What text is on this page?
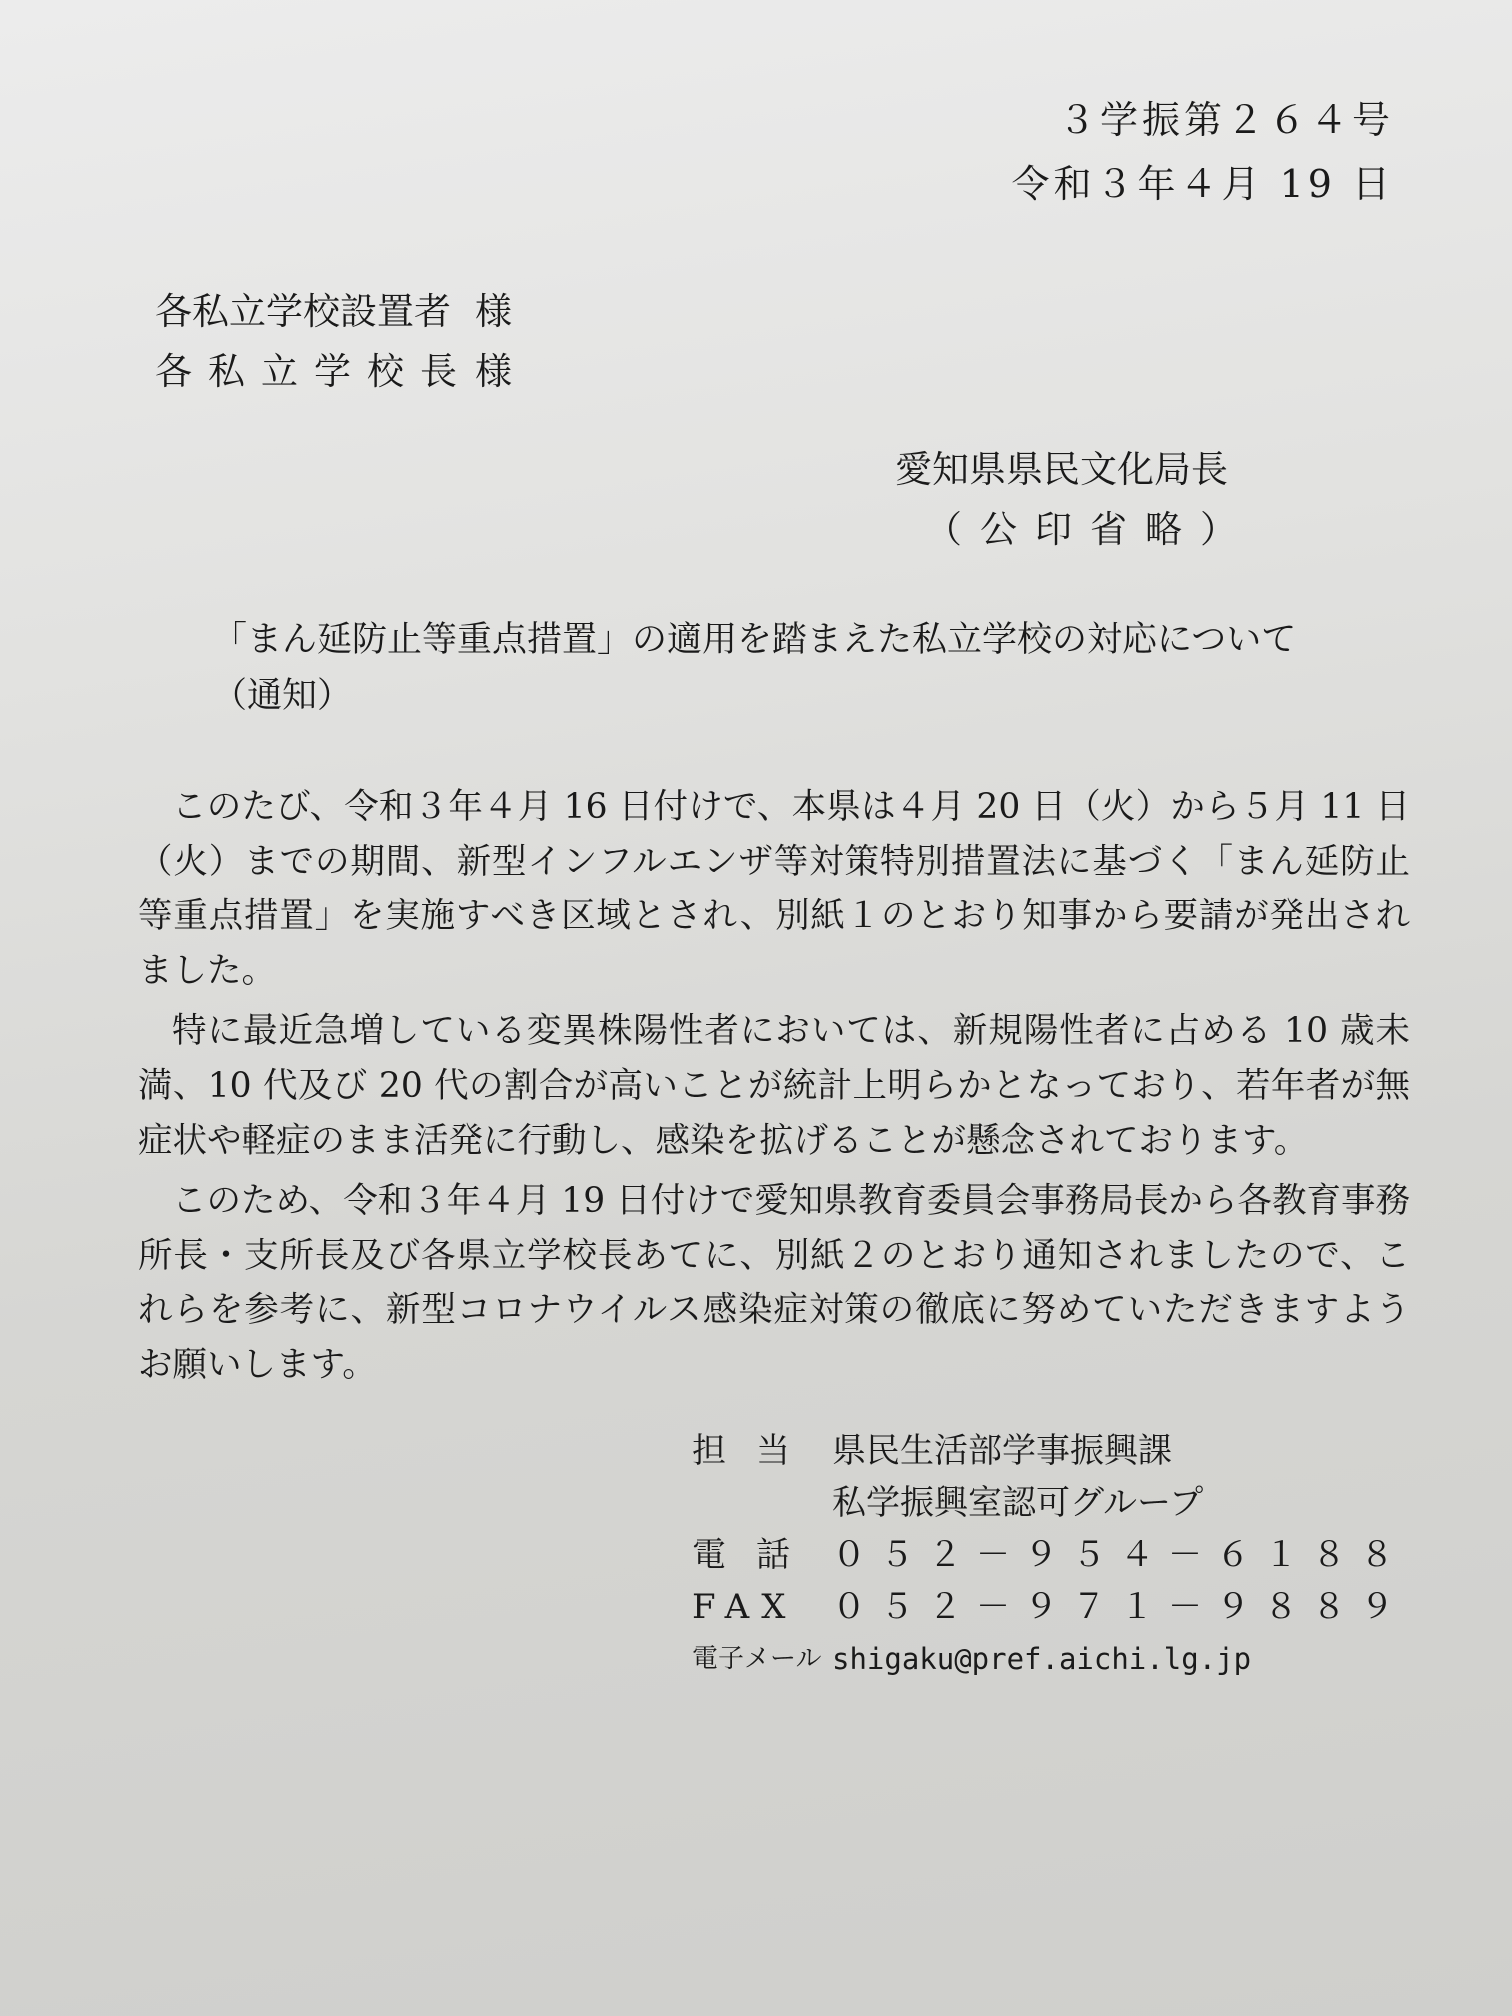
３学振第２６４号
令和３年４月 19 日
各私立学校設置者 様
各私立学校長 様
愛知県県民文化局長
（公印省略）
「まん延防止等重点措置」の適用を踏まえた私立学校の対応について
（通知）

このたび、令和３年４月 16 日付けで、本県は４月 20 日（火）から５月 11 日（火）までの期間、新型インフルエンザ等対策特別措置法に基づく「まん延防止等重点措置」を実施すべき区域とされ、別紙１のとおり知事から要請が発出されました。

特に最近急増している変異株陽性者においては、新規陽性者に占める 10 歳未満、10 代及び 20 代の割合が高いことが統計上明らかとなっており、若年者が無症状や軽症のまま活発に行動し、感染を拡げることが懸念されております。

このため、令和３年４月 19 日付けで愛知県教育委員会事務局長から各教育事務所長・支所長及び各県立学校長あてに、別紙２のとおり通知されましたので、これらを参考に、新型コロナウイルス感染症対策の徹底に努めていただきますようお願いします。

担当 県民生活部学事振興課
私学振興室認可グループ
電話 ０５２－９５４－６１８８
FAX	０５２－９７１－９８８９
電子メール shigaku@pref.aichi.lg.jp
